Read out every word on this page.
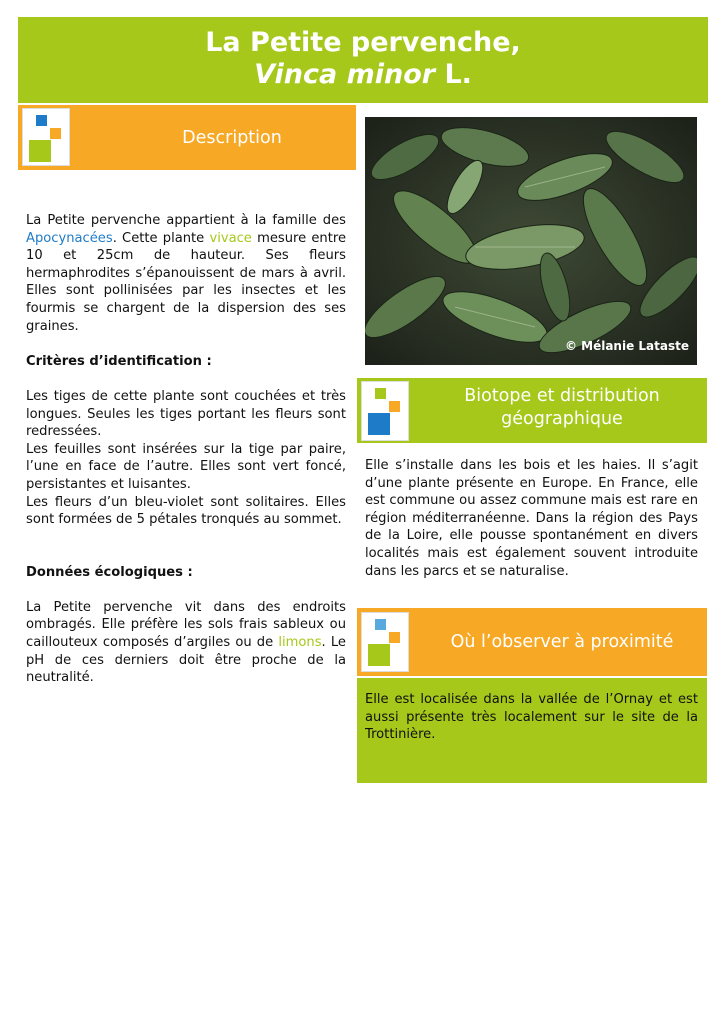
La Petite pervenche,
Vinca minor L.
Description

La Petite pervenche appartient à la famille des Apocynacées. Cette plante vivace mesure entre 10 et 25cm de hauteur. Ses fleurs hermaphrodites s’épanouissent de mars à avril. Elles sont pollinisées par les insectes et les fourmis se chargent de la dispersion des ses graines.

Critères d’identification :

Les tiges de cette plante sont couchées et très longues. Seules les tiges portant les fleurs sont redressées.

Les feuilles sont insérées sur la tige par paire, l’une en face de l’autre. Elles sont vert foncé, persistantes et luisantes.

Les fleurs d’un bleu-violet sont solitaires. Elles sont formées de 5 pétales tronqués au sommet.

Données écologiques :

La Petite pervenche vit dans des endroits ombragés. Elle préfère les sols frais sableux ou caillouteux composés d’argiles ou de limons. Le pH de ces derniers doit être proche de la neutralité.

© Mélanie Lataste
Biotope et distribution
géographique
Elle s’installe dans les bois et les haies. Il s’agit d’une plante présente en Europe. En France, elle est commune ou assez commune mais est rare en région méditerranéenne. Dans la région des Pays de la Loire, elle pousse spontanément en divers localités mais est également souvent introduite dans les parcs et se naturalise.
Où l’observer à proximité
Elle est localisée dans la vallée de l’Ornay et est aussi présente très localement sur le site de la Trottinière.
